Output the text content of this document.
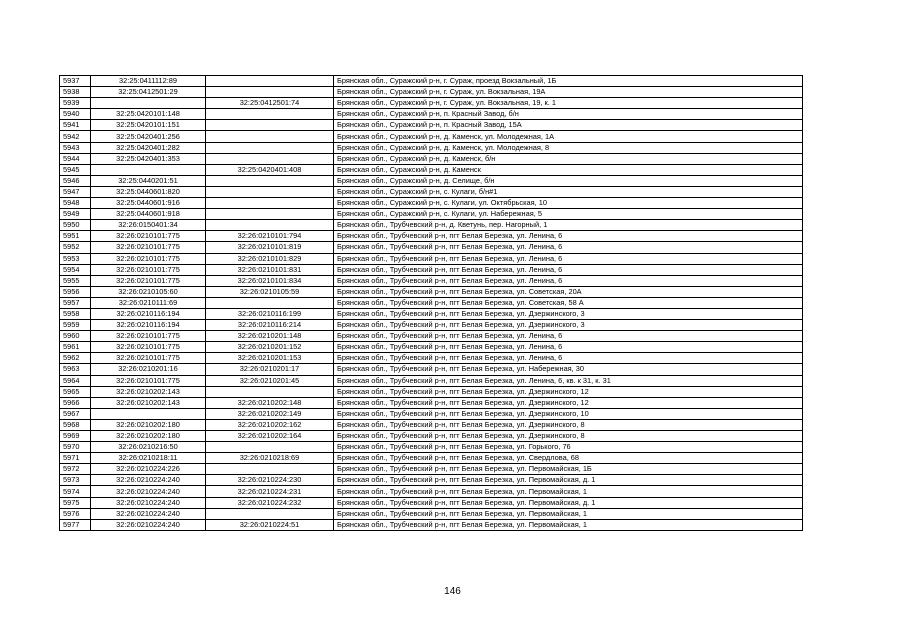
5937	32:25:0411112:89		Брянская обл., Суражский р-н, г. Сураж, проезд Вокзальный, 1Б
5938	32:25:0412501:29		Брянская обл., Суражский р-н, г. Сураж, ул. Вокзальная, 19А
5939		32:25:0412501:74	Брянская обл., Суражский р-н, г. Сураж, ул. Вокзальная, 19, к. 1
5940	32:25:0420101:148		Брянская обл., Суражский р-н, п. Красный Завод, б/н
5941	32:25:0420101:151		Брянская обл., Суражский р-н, п. Красный Завод, 15А
5942	32:25:0420401:256		Брянская обл., Суражский р-н, д. Каменск, ул. Молодежная, 1А
5943	32:25:0420401:282		Брянская обл., Суражский р-н, д. Каменск, ул. Молодежная, 8
5944	32:25:0420401:353		Брянская обл., Суражский р-н, д. Каменск, б/н
5945		32:25:0420401:408	Брянская обл., Суражский р-н, д. Каменск
5946	32:25:0440201:51		Брянская обл., Суражский р-н, д. Селище, б/н
5947	32:25:0440601:820		Брянская обл., Суражский р-н, с. Кулаги, б/н#1
5948	32:25:0440601:916		Брянская обл., Суражский р-н, с. Кулаги, ул. Октябрьская, 10
5949	32:25:0440601:918		Брянская обл., Суражский р-н, с. Кулаги, ул. Набережная, 5
5950	32:26:0150401:34		Брянская обл., Трубчевский р-н, д. Кветунь, пер. Нагорный, 1
5951	32:26:0210101:775	32:26:0210101:794	Брянская обл., Трубчевский р-н, пгт Белая Березка, ул. Ленина, 6
5952	32:26:0210101:775	32:26:0210101:819	Брянская обл., Трубчевский р-н, пгт Белая Березка, ул. Ленина, 6
5953	32:26:0210101:775	32:26:0210101:829	Брянская обл., Трубчевский р-н, пгт Белая Березка, ул. Ленина, 6
5954	32:26:0210101:775	32:26:0210101:831	Брянская обл., Трубчевский р-н, пгт Белая Березка, ул. Ленина, 6
5955	32:26:0210101:775	32:26:0210101:834	Брянская обл., Трубчевский р-н, пгт Белая Березка, ул. Ленина, 6
5956	32:26:0210105:60	32:26:0210105:59	Брянская обл., Трубчевский р-н, пгт Белая Березка, ул. Советская, 20А
5957	32:26:0210111:69		Брянская обл., Трубчевский р-н, пгт Белая Березка, ул. Советская, 58 А
5958	32:26:0210116:194	32:26:0210116:199	Брянская обл., Трубчевский р-н, пгт Белая Березка, ул. Дзержинского, 3
5959	32:26:0210116:194	32:26:0210116:214	Брянская обл., Трубчевский р-н, пгт Белая Березка, ул. Дзержинского, 3
5960	32:26:0210101:775	32:26:0210201:148	Брянская обл., Трубчевский р-н, пгт Белая Березка, ул. Ленина, 6
5961	32:26:0210101:775	32:26:0210201:152	Брянская обл., Трубчевский р-н, пгт Белая Березка, ул. Ленина, 6
5962	32:26:0210101:775	32:26:0210201:153	Брянская обл., Трубчевский р-н, пгт Белая Березка, ул. Ленина, 6
5963	32:26:0210201:16	32:26:0210201:17	Брянская обл., Трубчевский р-н, пгт Белая Березка, ул. Набережная, 30
5964	32:26:0210101:775	32:26:0210201:45	Брянская обл., Трубчевский р-н, пгт Белая Березка, ул. Ленина, 6, кв. к 31, к. 31
5965	32:26:0210202:143		Брянская обл., Трубчевский р-н, пгт Белая Березка, ул. Дзержинского, 12
5966	32:26:0210202:143	32:26:0210202:148	Брянская обл., Трубчевский р-н, пгт Белая Березка, ул. Дзержинского, 12
5967		32:26:0210202:149	Брянская обл., Трубчевский р-н, пгт Белая Березка, ул. Дзержинского, 10
5968	32:26:0210202:180	32:26:0210202:162	Брянская обл., Трубчевский р-н, пгт Белая Березка, ул. Дзержинского, 8
5969	32:26:0210202:180	32:26:0210202:164	Брянская обл., Трубчевский р-н, пгт Белая Березка, ул. Дзержинского, 8
5970	32:26:0210216:50		Брянская обл., Трубчевский р-н, пгт Белая Березка, ул. Горького, 76
5971	32:26:0210218:11	32:26:0210218:69	Брянская обл., Трубчевский р-н, пгт Белая Березка, ул. Свердлова, 68
5972	32:26:0210224:226		Брянская обл., Трубчевский р-н, пгт Белая Березка, ул. Первомайская, 1Б
5973	32:26:0210224:240	32:26:0210224:230	Брянская обл., Трубчевский р-н, пгт Белая Березка, ул. Первомайская, д. 1
5974	32:26:0210224:240	32:26:0210224:231	Брянская обл., Трубчевский р-н, пгт Белая Березка, ул. Первомайская, 1
5975	32:26:0210224:240	32:26:0210224:232	Брянская обл., Трубчевский р-н, пгт Белая Березка, ул. Первомайская, д. 1
5976	32:26:0210224:240		Брянская обл., Трубчевский р-н, пгт Белая Березка, ул. Первомайская, 1
5977	32:26:0210224:240	32:26:0210224:51	Брянская обл., Трубчевский р-н, пгт Белая Березка, ул. Первомайская, 1
146
